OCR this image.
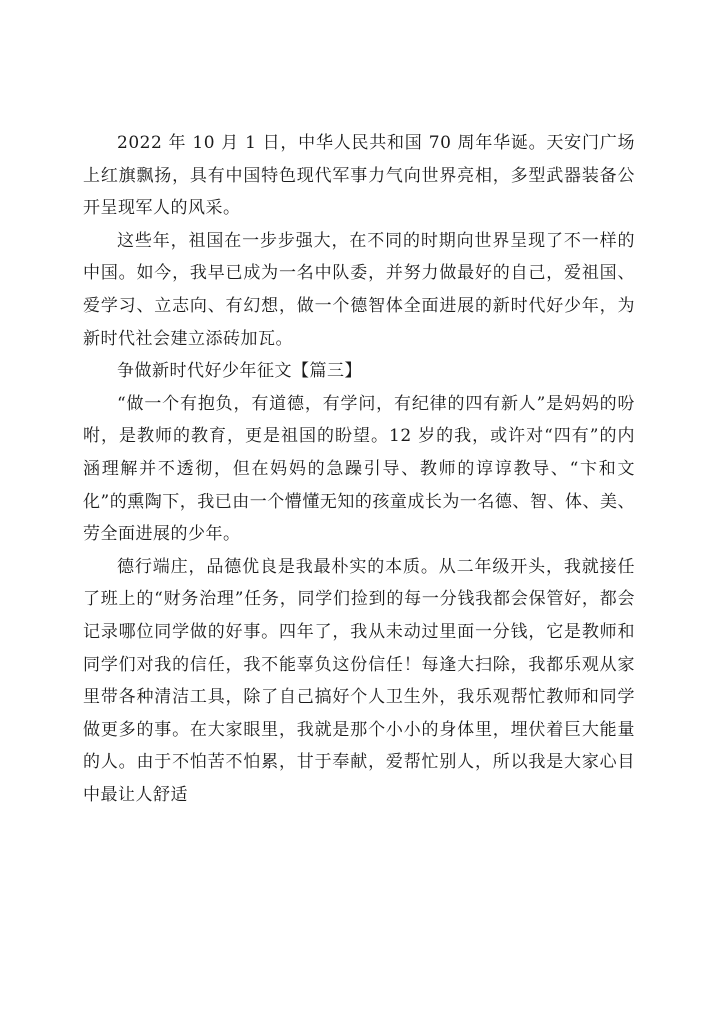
2022 年 10 月 1 日，中华人民共和国 70 周年华诞。天安门广场上红旗飘扬，具有中国特色现代军事力气向世界亮相，多型武器装备公开呈现军人的风采。

这些年，祖国在一步步强大，在不同的时期向世界呈现了不一样的中国。如今，我早已成为一名中队委，并努力做最好的自己，爱祖国、爱学习、立志向、有幻想，做一个德智体全面进展的新时代好少年，为新时代社会建立添砖加瓦。

争做新时代好少年征文【篇三】

“做一个有抱负，有道德，有学问，有纪律的四有新人”是妈妈的吩咐，是教师的教育，更是祖国的盼望。12 岁的我，或许对“四有”的内涵理解并不透彻，但在妈妈的急躁引导、教师的谆谆教导、“卞和文化”的熏陶下，我已由一个懵懂无知的孩童成长为一名德、智、体、美、劳全面进展的少年。

德行端庄，品德优良是我最朴实的本质。从二年级开头，我就接任了班上的“财务治理”任务，同学们捡到的每一分钱我都会保管好，都会记录哪位同学做的好事。四年了，我从未动过里面一分钱，它是教师和同学们对我的信任，我不能辜负这份信任！每逢大扫除，我都乐观从家里带各种清洁工具，除了自己搞好个人卫生外，我乐观帮忙教师和同学做更多的事。在大家眼里，我就是那个小小的身体里，埋伏着巨大能量的人。由于不怕苦不怕累，甘于奉献，爱帮忙别人，所以我是大家心目中最让人舒适
